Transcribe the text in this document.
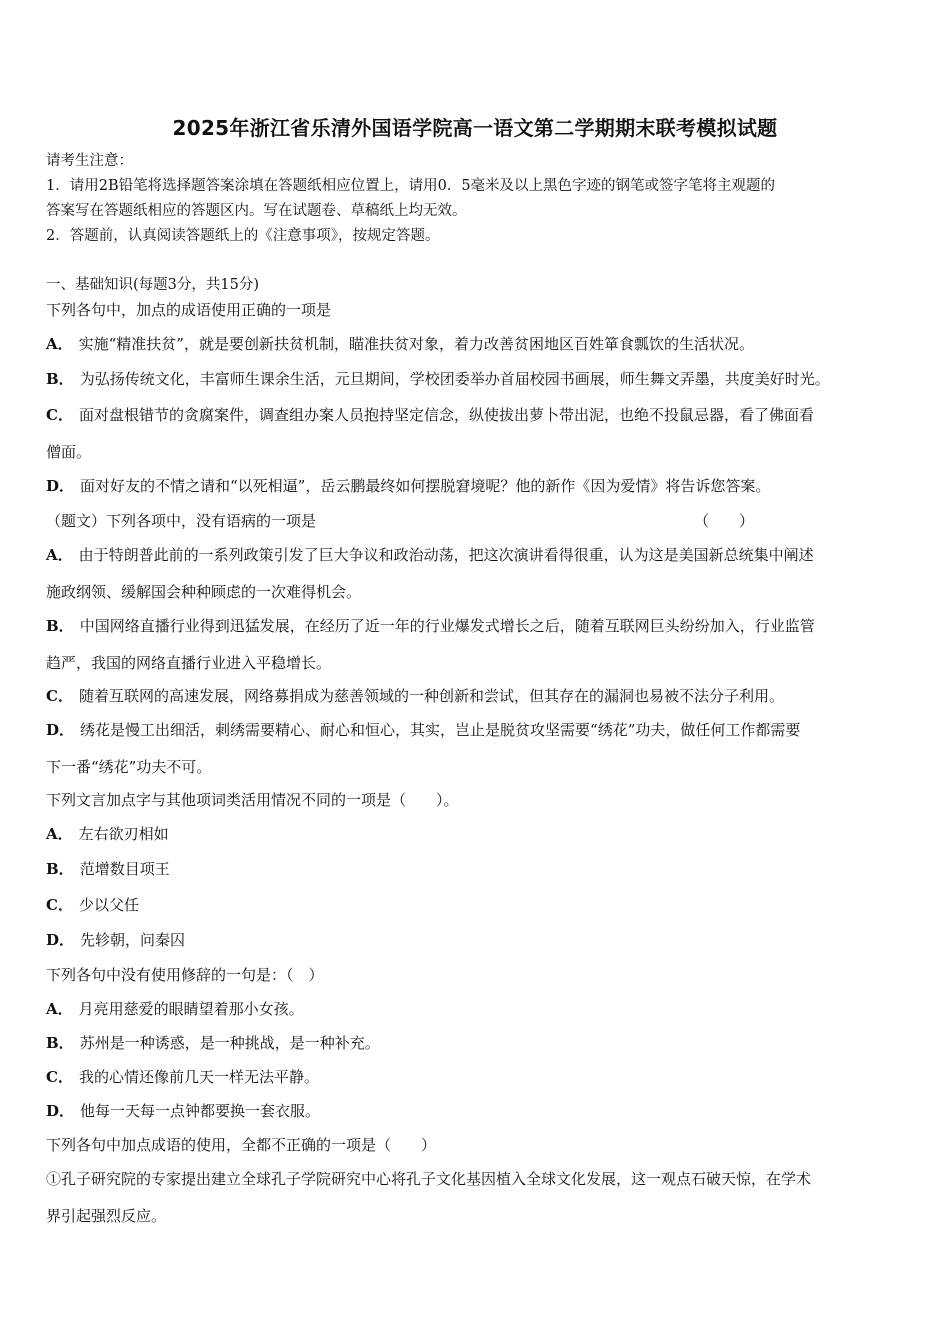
2025年浙江省乐清外国语学院高一语文第二学期期末联考模拟试题
请考生注意：
1．请用2B铅笔将选择题答案涂填在答题纸相应位置上，请用0．5毫米及以上黑色字迹的钢笔或签字笔将主观题的
答案写在答题纸相应的答题区内。写在试题卷、草稿纸上均无效。
2．答题前，认真阅读答题纸上的《注意事项》，按规定答题。
一、基础知识(每题3分，共15分)
下列各句中，加点的成语使用正确的一项是
A． 实施“精准扶贫”，就是要创新扶贫机制，瞄准扶贫对象，着力改善贫困地区百姓箪食瓢饮的生活状况。
B． 为弘扬传统文化，丰富师生课余生活，元旦期间，学校团委举办首届校园书画展，师生舞文弄墨，共度美好时光。
C． 面对盘根错节的贪腐案件，调查组办案人员抱持坚定信念，纵使拔出萝卜带出泥，也绝不投鼠忌器，看了佛面看
僧面。
D． 面对好友的不情之请和“以死相逼”，岳云鹏最终如何摆脱窘境呢？他的新作《因为爱情》将告诉您答案。
（题文）下列各项中，没有语病的一项是	（　　）
A． 由于特朗普此前的一系列政策引发了巨大争议和政治动荡，把这次演讲看得很重，认为这是美国新总统集中阐述
施政纲领、缓解国会种种顾虑的一次难得机会。
B． 中国网络直播行业得到迅猛发展，在经历了近一年的行业爆发式增长之后，随着互联网巨头纷纷加入，行业监管
趋严，我国的网络直播行业进入平稳增长。
C． 随着互联网的高速发展，网络募捐成为慈善领域的一种创新和尝试，但其存在的漏洞也易被不法分子利用。
D． 绣花是慢工出细活，刺绣需要精心、耐心和恒心，其实，岂止是脱贫攻坚需要“绣花”功夫，做任何工作都需要
下一番“绣花”功夫不可。
下列文言加点字与其他项词类活用情况不同的一项是（　　）。
A． 左右欲刃相如
B． 范增数目项王
C． 少以父任
D． 先轸朝，问秦囚
下列各句中没有使用修辞的一句是：（　）
A． 月亮用慈爱的眼睛望着那小女孩。
B． 苏州是一种诱惑，是一种挑战，是一种补充。
C． 我的心情还像前几天一样无法平静。
D． 他每一天每一点钟都要换一套衣服。
下列各句中加点成语的使用，全都不正确的一项是（　　）
①孔子研究院的专家提出建立全球孔子学院研究中心将孔子文化基因植入全球文化发展，这一观点石破天惊，在学术
界引起强烈反应。
